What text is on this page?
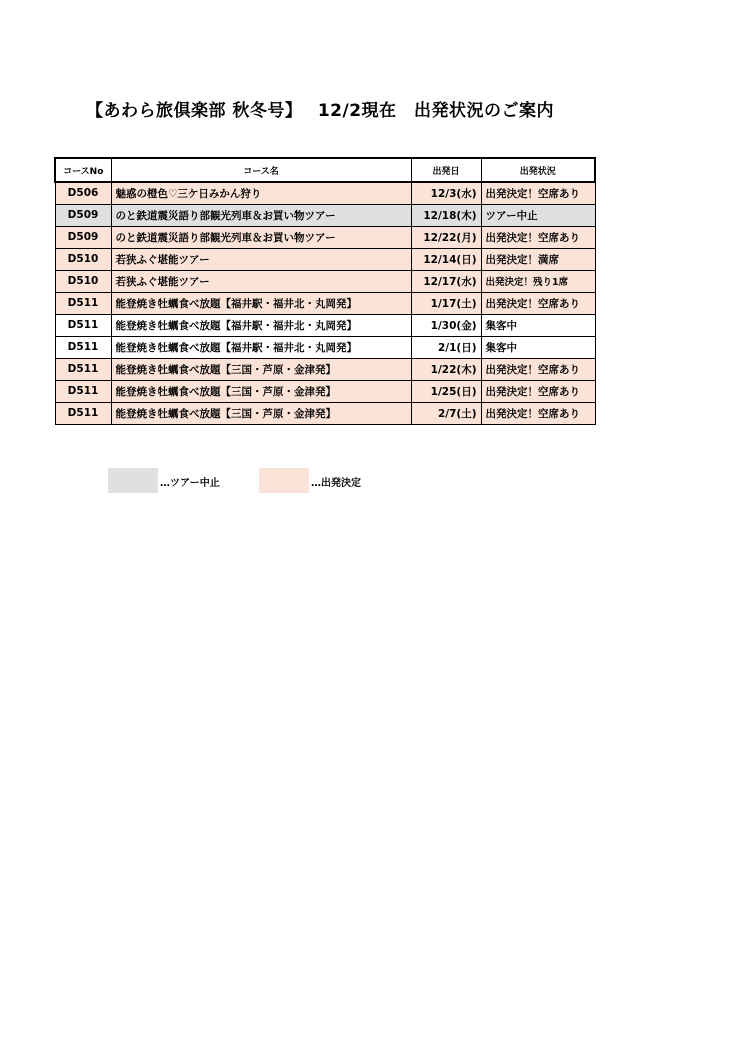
【あわら旅倶楽部 秋冬号】　 12/2現在　出発状況のご案内
コースNo	コース名	出発日	出発状況
D506	魅惑の橙色♡三ケ日みかん狩り	12/3(水)	出発決定！空席あり
D509	のと鉄道震災語り部観光列車＆お買い物ツアー	12/18(木)	ツアー中止
D509	のと鉄道震災語り部観光列車＆お買い物ツアー	12/22(月)	出発決定！空席あり
D510	若狭ふぐ堪能ツアー	12/14(日)	出発決定！満席
D510	若狭ふぐ堪能ツアー	12/17(水)	出発決定！残り1席
D511	能登焼き牡蠣食べ放題【福井駅・福井北・丸岡発】	1/17(土)	出発決定！空席あり
D511	能登焼き牡蠣食べ放題【福井駅・福井北・丸岡発】	1/30(金)	集客中
D511	能登焼き牡蠣食べ放題【福井駅・福井北・丸岡発】	2/1(日)	集客中
D511	能登焼き牡蠣食べ放題【三国・芦原・金津発】	1/22(木)	出発決定！空席あり
D511	能登焼き牡蠣食べ放題【三国・芦原・金津発】	1/25(日)	出発決定！空席あり
D511	能登焼き牡蠣食べ放題【三国・芦原・金津発】	2/7(土)	出発決定！空席あり
…ツアー中止	…出発決定
